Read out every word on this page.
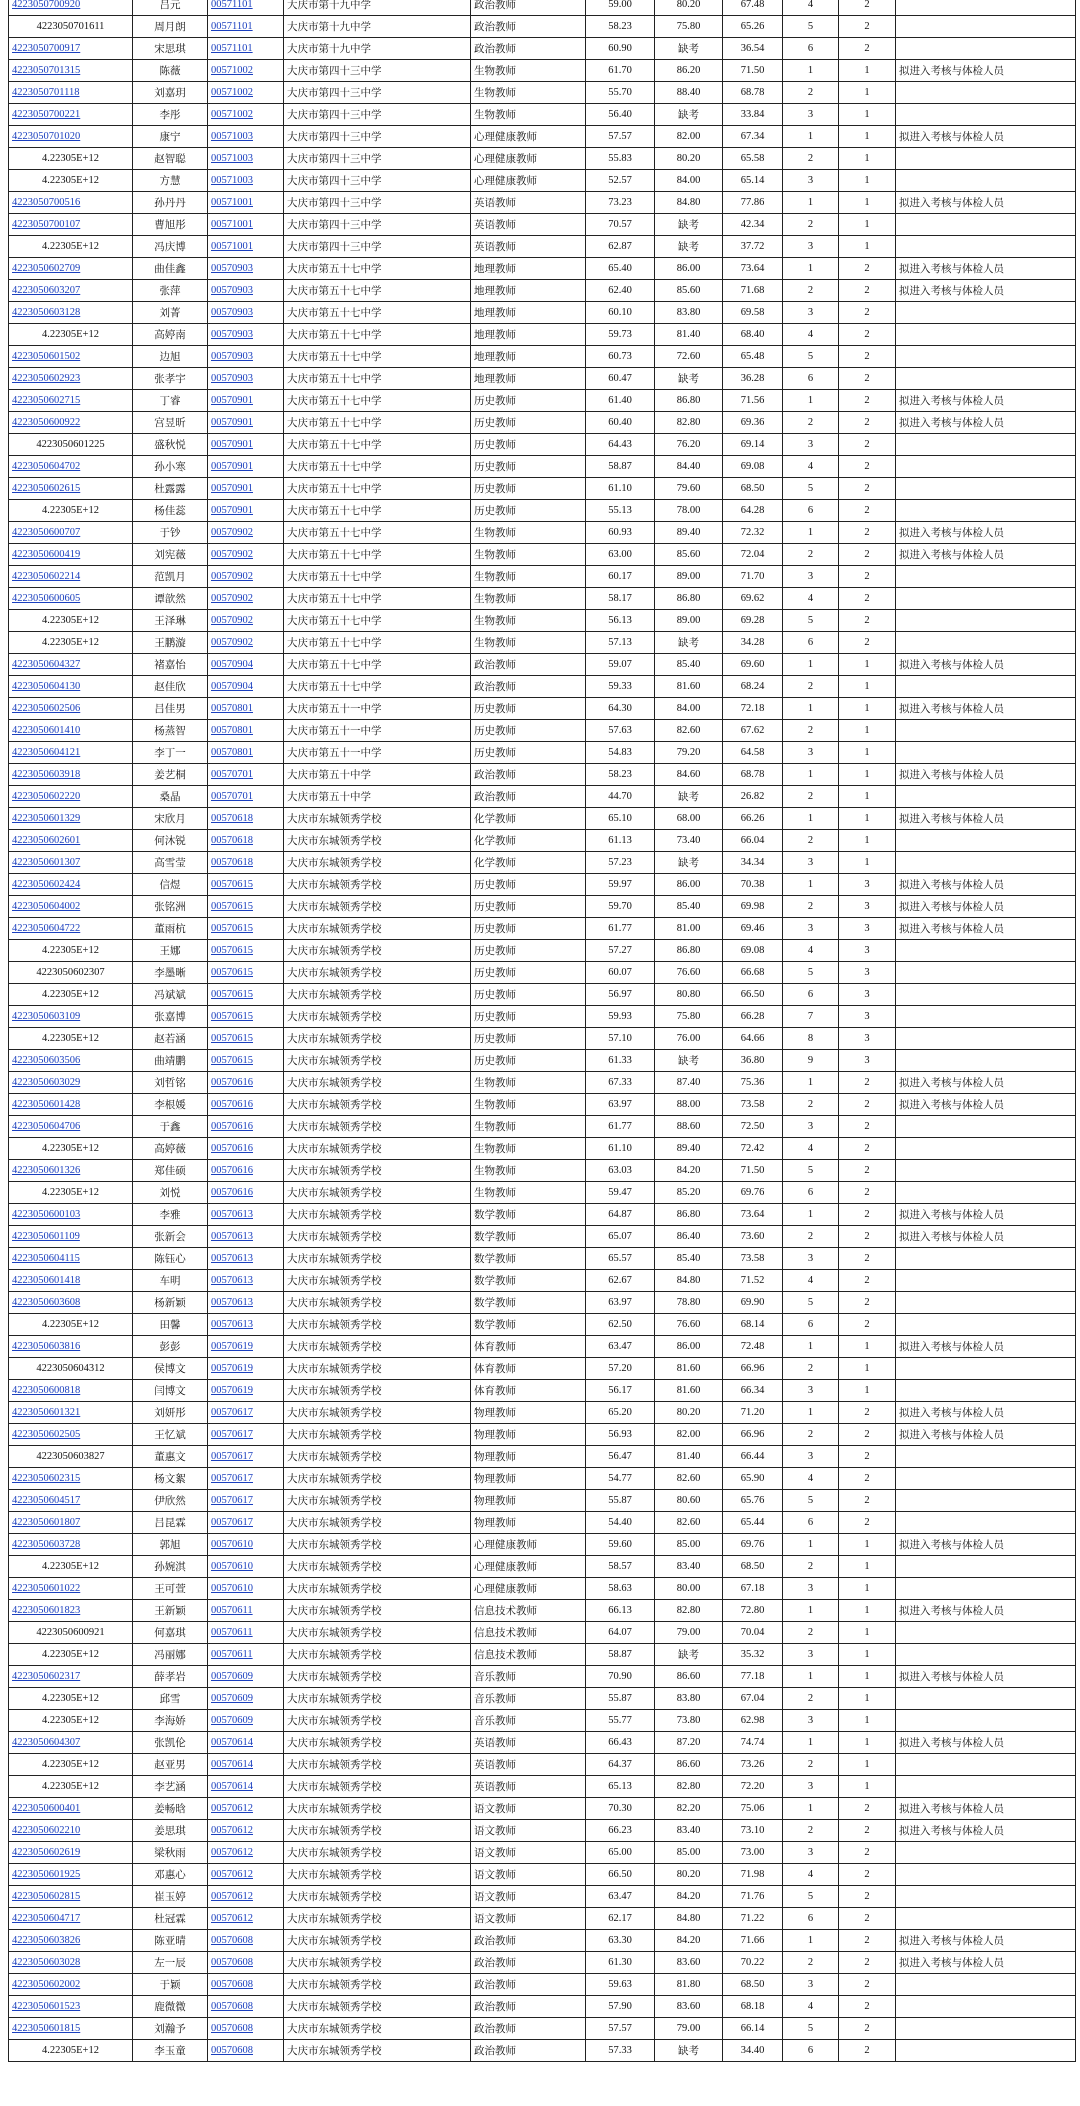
4223050700920	吕元	00571101	大庆市第十九中学	政治教师	59.00	80.20	67.48	4	2	
4223050701611	周月朗	00571101	大庆市第十九中学	政治教师	58.23	75.80	65.26	5	2	
4223050700917	宋思琪	00571101	大庆市第十九中学	政治教师	60.90	缺考	36.54	6	2	
4223050701315	陈薇	00571002	大庆市第四十三中学	生物教师	61.70	86.20	71.50	1	1	拟进入考核与体检人员
4223050701118	刘嘉玥	00571002	大庆市第四十三中学	生物教师	55.70	88.40	68.78	2	1	
4223050700221	李彤	00571002	大庆市第四十三中学	生物教师	56.40	缺考	33.84	3	1	
4223050701020	康宁	00571003	大庆市第四十三中学	心理健康教师	57.57	82.00	67.34	1	1	拟进入考核与体检人员
4.22305E+12	赵智聪	00571003	大庆市第四十三中学	心理健康教师	55.83	80.20	65.58	2	1	
4.22305E+12	方慧	00571003	大庆市第四十三中学	心理健康教师	52.57	84.00	65.14	3	1	
4223050700516	孙丹丹	00571001	大庆市第四十三中学	英语教师	73.23	84.80	77.86	1	1	拟进入考核与体检人员
4223050700107	曹旭彤	00571001	大庆市第四十三中学	英语教师	70.57	缺考	42.34	2	1	
4.22305E+12	冯庆博	00571001	大庆市第四十三中学	英语教师	62.87	缺考	37.72	3	1	
4223050602709	曲佳鑫	00570903	大庆市第五十七中学	地理教师	65.40	86.00	73.64	1	2	拟进入考核与体检人员
4223050603207	张萍	00570903	大庆市第五十七中学	地理教师	62.40	85.60	71.68	2	2	拟进入考核与体检人员
4223050603128	刘菁	00570903	大庆市第五十七中学	地理教师	60.10	83.80	69.58	3	2	
4.22305E+12	高婷南	00570903	大庆市第五十七中学	地理教师	59.73	81.40	68.40	4	2	
4223050601502	边旭	00570903	大庆市第五十七中学	地理教师	60.73	72.60	65.48	5	2	
4223050602923	张孝宇	00570903	大庆市第五十七中学	地理教师	60.47	缺考	36.28	6	2	
4223050602715	丁睿	00570901	大庆市第五十七中学	历史教师	61.40	86.80	71.56	1	2	拟进入考核与体检人员
4223050600922	宫昱昕	00570901	大庆市第五十七中学	历史教师	60.40	82.80	69.36	2	2	拟进入考核与体检人员
4223050601225	盛秋悦	00570901	大庆市第五十七中学	历史教师	64.43	76.20	69.14	3	2	
4223050604702	孙小寒	00570901	大庆市第五十七中学	历史教师	58.87	84.40	69.08	4	2	
4223050602615	杜露露	00570901	大庆市第五十七中学	历史教师	61.10	79.60	68.50	5	2	
4.22305E+12	杨佳蕊	00570901	大庆市第五十七中学	历史教师	55.13	78.00	64.28	6	2	
4223050600707	于钞	00570902	大庆市第五十七中学	生物教师	60.93	89.40	72.32	1	2	拟进入考核与体检人员
4223050600419	刘宪薇	00570902	大庆市第五十七中学	生物教师	63.00	85.60	72.04	2	2	拟进入考核与体检人员
4223050602214	范凯月	00570902	大庆市第五十七中学	生物教师	60.17	89.00	71.70	3	2	
4223050600605	谭歆然	00570902	大庆市第五十七中学	生物教师	58.17	86.80	69.62	4	2	
4.22305E+12	王泽琳	00570902	大庆市第五十七中学	生物教师	56.13	89.00	69.28	5	2	
4.22305E+12	王鹏漩	00570902	大庆市第五十七中学	生物教师	57.13	缺考	34.28	6	2	
4223050604327	褚嘉怡	00570904	大庆市第五十七中学	政治教师	59.07	85.40	69.60	1	1	拟进入考核与体检人员
4223050604130	赵佳欣	00570904	大庆市第五十七中学	政治教师	59.33	81.60	68.24	2	1	
4223050602506	吕佳男	00570801	大庆市第五十一中学	历史教师	64.30	84.00	72.18	1	1	拟进入考核与体检人员
4223050601410	杨蒸智	00570801	大庆市第五十一中学	历史教师	57.63	82.60	67.62	2	1	
4223050604121	李丁一	00570801	大庆市第五十一中学	历史教师	54.83	79.20	64.58	3	1	
4223050603918	姜艺桐	00570701	大庆市第五十中学	政治教师	58.23	84.60	68.78	1	1	拟进入考核与体检人员
4223050602220	桑晶	00570701	大庆市第五十中学	政治教师	44.70	缺考	26.82	2	1	
4223050601329	宋欣月	00570618	大庆市东城领秀学校	化学教师	65.10	68.00	66.26	1	1	拟进入考核与体检人员
4223050602601	何沐锐	00570618	大庆市东城领秀学校	化学教师	61.13	73.40	66.04	2	1	
4223050601307	高雪莹	00570618	大庆市东城领秀学校	化学教师	57.23	缺考	34.34	3	1	
4223050602424	信煜	00570615	大庆市东城领秀学校	历史教师	59.97	86.00	70.38	1	3	拟进入考核与体检人员
4223050604002	张铭洲	00570615	大庆市东城领秀学校	历史教师	59.70	85.40	69.98	2	3	拟进入考核与体检人员
4223050604722	董雨杭	00570615	大庆市东城领秀学校	历史教师	61.77	81.00	69.46	3	3	拟进入考核与体检人员
4.22305E+12	王娜	00570615	大庆市东城领秀学校	历史教师	57.27	86.80	69.08	4	3	
4223050602307	李墨晰	00570615	大庆市东城领秀学校	历史教师	60.07	76.60	66.68	5	3	
4.22305E+12	冯斌斌	00570615	大庆市东城领秀学校	历史教师	56.97	80.80	66.50	6	3	
4223050603109	张嘉博	00570615	大庆市东城领秀学校	历史教师	59.93	75.80	66.28	7	3	
4.22305E+12	赵若涵	00570615	大庆市东城领秀学校	历史教师	57.10	76.00	64.66	8	3	
4223050603506	曲靖鹏	00570615	大庆市东城领秀学校	历史教师	61.33	缺考	36.80	9	3	
4223050603029	刘哲铭	00570616	大庆市东城领秀学校	生物教师	67.33	87.40	75.36	1	2	拟进入考核与体检人员
4223050601428	李根媛	00570616	大庆市东城领秀学校	生物教师	63.97	88.00	73.58	2	2	拟进入考核与体检人员
4223050604706	于鑫	00570616	大庆市东城领秀学校	生物教师	61.77	88.60	72.50	3	2	
4.22305E+12	高婷薇	00570616	大庆市东城领秀学校	生物教师	61.10	89.40	72.42	4	2	
4223050601326	郑佳硕	00570616	大庆市东城领秀学校	生物教师	63.03	84.20	71.50	5	2	
4.22305E+12	刘悦	00570616	大庆市东城领秀学校	生物教师	59.47	85.20	69.76	6	2	
4223050600103	李雅	00570613	大庆市东城领秀学校	数学教师	64.87	86.80	73.64	1	2	拟进入考核与体检人员
4223050601109	张新会	00570613	大庆市东城领秀学校	数学教师	65.07	86.40	73.60	2	2	拟进入考核与体检人员
4223050604115	陈钰心	00570613	大庆市东城领秀学校	数学教师	65.57	85.40	73.58	3	2	
4223050601418	车明	00570613	大庆市东城领秀学校	数学教师	62.67	84.80	71.52	4	2	
4223050603608	杨新颖	00570613	大庆市东城领秀学校	数学教师	63.97	78.80	69.90	5	2	
4.22305E+12	田馨	00570613	大庆市东城领秀学校	数学教师	62.50	76.60	68.14	6	2	
4223050603816	彭彭	00570619	大庆市东城领秀学校	体育教师	63.47	86.00	72.48	1	1	拟进入考核与体检人员
4223050604312	侯博文	00570619	大庆市东城领秀学校	体育教师	57.20	81.60	66.96	2	1	
4223050600818	闫博文	00570619	大庆市东城领秀学校	体育教师	56.17	81.60	66.34	3	1	
4223050601321	刘妍彤	00570617	大庆市东城领秀学校	物理教师	65.20	80.20	71.20	1	2	拟进入考核与体检人员
4223050602505	王忆斌	00570617	大庆市东城领秀学校	物理教师	56.93	82.00	66.96	2	2	拟进入考核与体检人员
4223050603827	董惠文	00570617	大庆市东城领秀学校	物理教师	56.47	81.40	66.44	3	2	
4223050602315	杨文絮	00570617	大庆市东城领秀学校	物理教师	54.77	82.60	65.90	4	2	
4223050604517	伊欣然	00570617	大庆市东城领秀学校	物理教师	55.87	80.60	65.76	5	2	
4223050601807	吕昆霖	00570617	大庆市东城领秀学校	物理教师	54.40	82.60	65.44	6	2	
4223050603728	郭旭	00570610	大庆市东城领秀学校	心理健康教师	59.60	85.00	69.76	1	1	拟进入考核与体检人员
4.22305E+12	孙婉淇	00570610	大庆市东城领秀学校	心理健康教师	58.57	83.40	68.50	2	1	
4223050601022	王可萱	00570610	大庆市东城领秀学校	心理健康教师	58.63	80.00	67.18	3	1	
4223050601823	王新颖	00570611	大庆市东城领秀学校	信息技术教师	66.13	82.80	72.80	1	1	拟进入考核与体检人员
4223050600921	何嘉琪	00570611	大庆市东城领秀学校	信息技术教师	64.07	79.00	70.04	2	1	
4.22305E+12	冯丽娜	00570611	大庆市东城领秀学校	信息技术教师	58.87	缺考	35.32	3	1	
4223050602317	薛孝岩	00570609	大庆市东城领秀学校	音乐教师	70.90	86.60	77.18	1	1	拟进入考核与体检人员
4.22305E+12	邱雪	00570609	大庆市东城领秀学校	音乐教师	55.87	83.80	67.04	2	1	
4.22305E+12	李海娇	00570609	大庆市东城领秀学校	音乐教师	55.77	73.80	62.98	3	1	
4223050604307	张凯伦	00570614	大庆市东城领秀学校	英语教师	66.43	87.20	74.74	1	1	拟进入考核与体检人员
4.22305E+12	赵亚男	00570614	大庆市东城领秀学校	英语教师	64.37	86.60	73.26	2	1	
4.22305E+12	李艺涵	00570614	大庆市东城领秀学校	英语教师	65.13	82.80	72.20	3	1	
4223050600401	姜畅晗	00570612	大庆市东城领秀学校	语文教师	70.30	82.20	75.06	1	2	拟进入考核与体检人员
4223050602210	姜思琪	00570612	大庆市东城领秀学校	语文教师	66.23	83.40	73.10	2	2	拟进入考核与体检人员
4223050602619	梁秋雨	00570612	大庆市东城领秀学校	语文教师	65.00	85.00	73.00	3	2	
4223050601925	邓惠心	00570612	大庆市东城领秀学校	语文教师	66.50	80.20	71.98	4	2	
4223050602815	崔玉婷	00570612	大庆市东城领秀学校	语文教师	63.47	84.20	71.76	5	2	
4223050604717	杜冠霖	00570612	大庆市东城领秀学校	语文教师	62.17	84.80	71.22	6	2	
4223050603826	陈亚晴	00570608	大庆市东城领秀学校	政治教师	63.30	84.20	71.66	1	2	拟进入考核与体检人员
4223050603028	左一辰	00570608	大庆市东城领秀学校	政治教师	61.30	83.60	70.22	2	2	拟进入考核与体检人员
4223050602002	于颖	00570608	大庆市东城领秀学校	政治教师	59.63	81.80	68.50	3	2	
4223050601523	鹿微微	00570608	大庆市东城领秀学校	政治教师	57.90	83.60	68.18	4	2	
4223050601815	刘瀚予	00570608	大庆市东城领秀学校	政治教师	57.57	79.00	66.14	5	2	
4.22305E+12	李玉童	00570608	大庆市东城领秀学校	政治教师	57.33	缺考	34.40	6	2	
